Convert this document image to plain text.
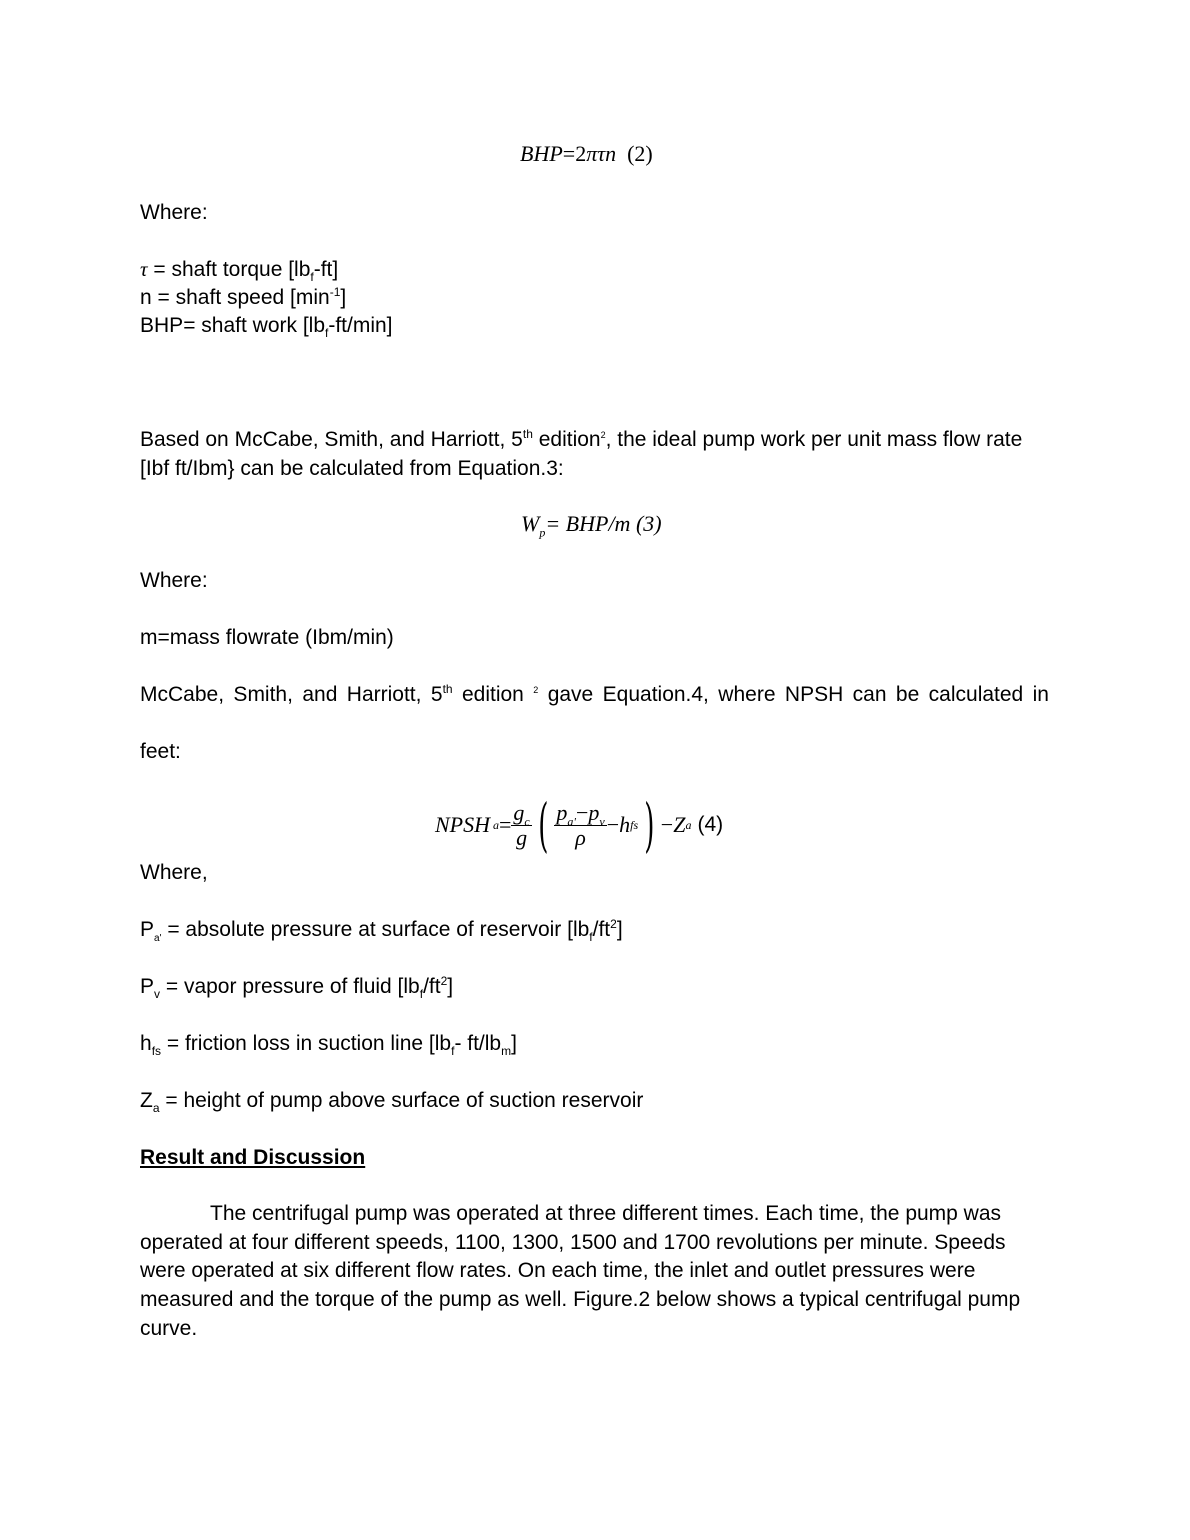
BHP=2πτn (2)
Where:
τ = shaft torque $[lb_f-ft]$
n = shaft speed $[\min^{-1}]$
BHP= shaft work $[lb_f-ft/\min]$
Based on McCabe, Smith, and Harriott, 5th edition$^2$, the ideal pump work per unit mass flow rate
[Ibf ft/Ibm} can be calculated from Equation.3:
$W_p= BHP/m$ (3)
Where:
m=mass flowrate (Ibm/min)
McCabe, Smith, and Harriott, 5th edition $^2$ gave Equation.4, where NPSH can be calculated in
feet:
NPSH $a = \frac{g_c}{g}$ ( $\frac{p_{a'}-p_v}{\rho} - h$ fs ) − Z a (4)
Where,
$P_{a'}$ = absolute pressure at surface of reservoir $[lb_f/ft^2]$
$P_v$ = vapor pressure of fluid $[lb_f/ft^2]$
$h_{fs}$ = friction loss in suction line [$lb_f-$ $ft/lb_m$]
$Z_a$ = height of pump above surface of suction reservoir
Result and Discussion
The centrifugal pump was operated at three different times. Each time, the pump was operated at four different speeds, 1100, 1300, 1500 and 1700 revolutions per minute. Speeds were operated at six different flow rates. On each time, the inlet and outlet pressures were measured and the torque of the pump as well. Figure.2 below shows a typical centrifugal pump curve.
